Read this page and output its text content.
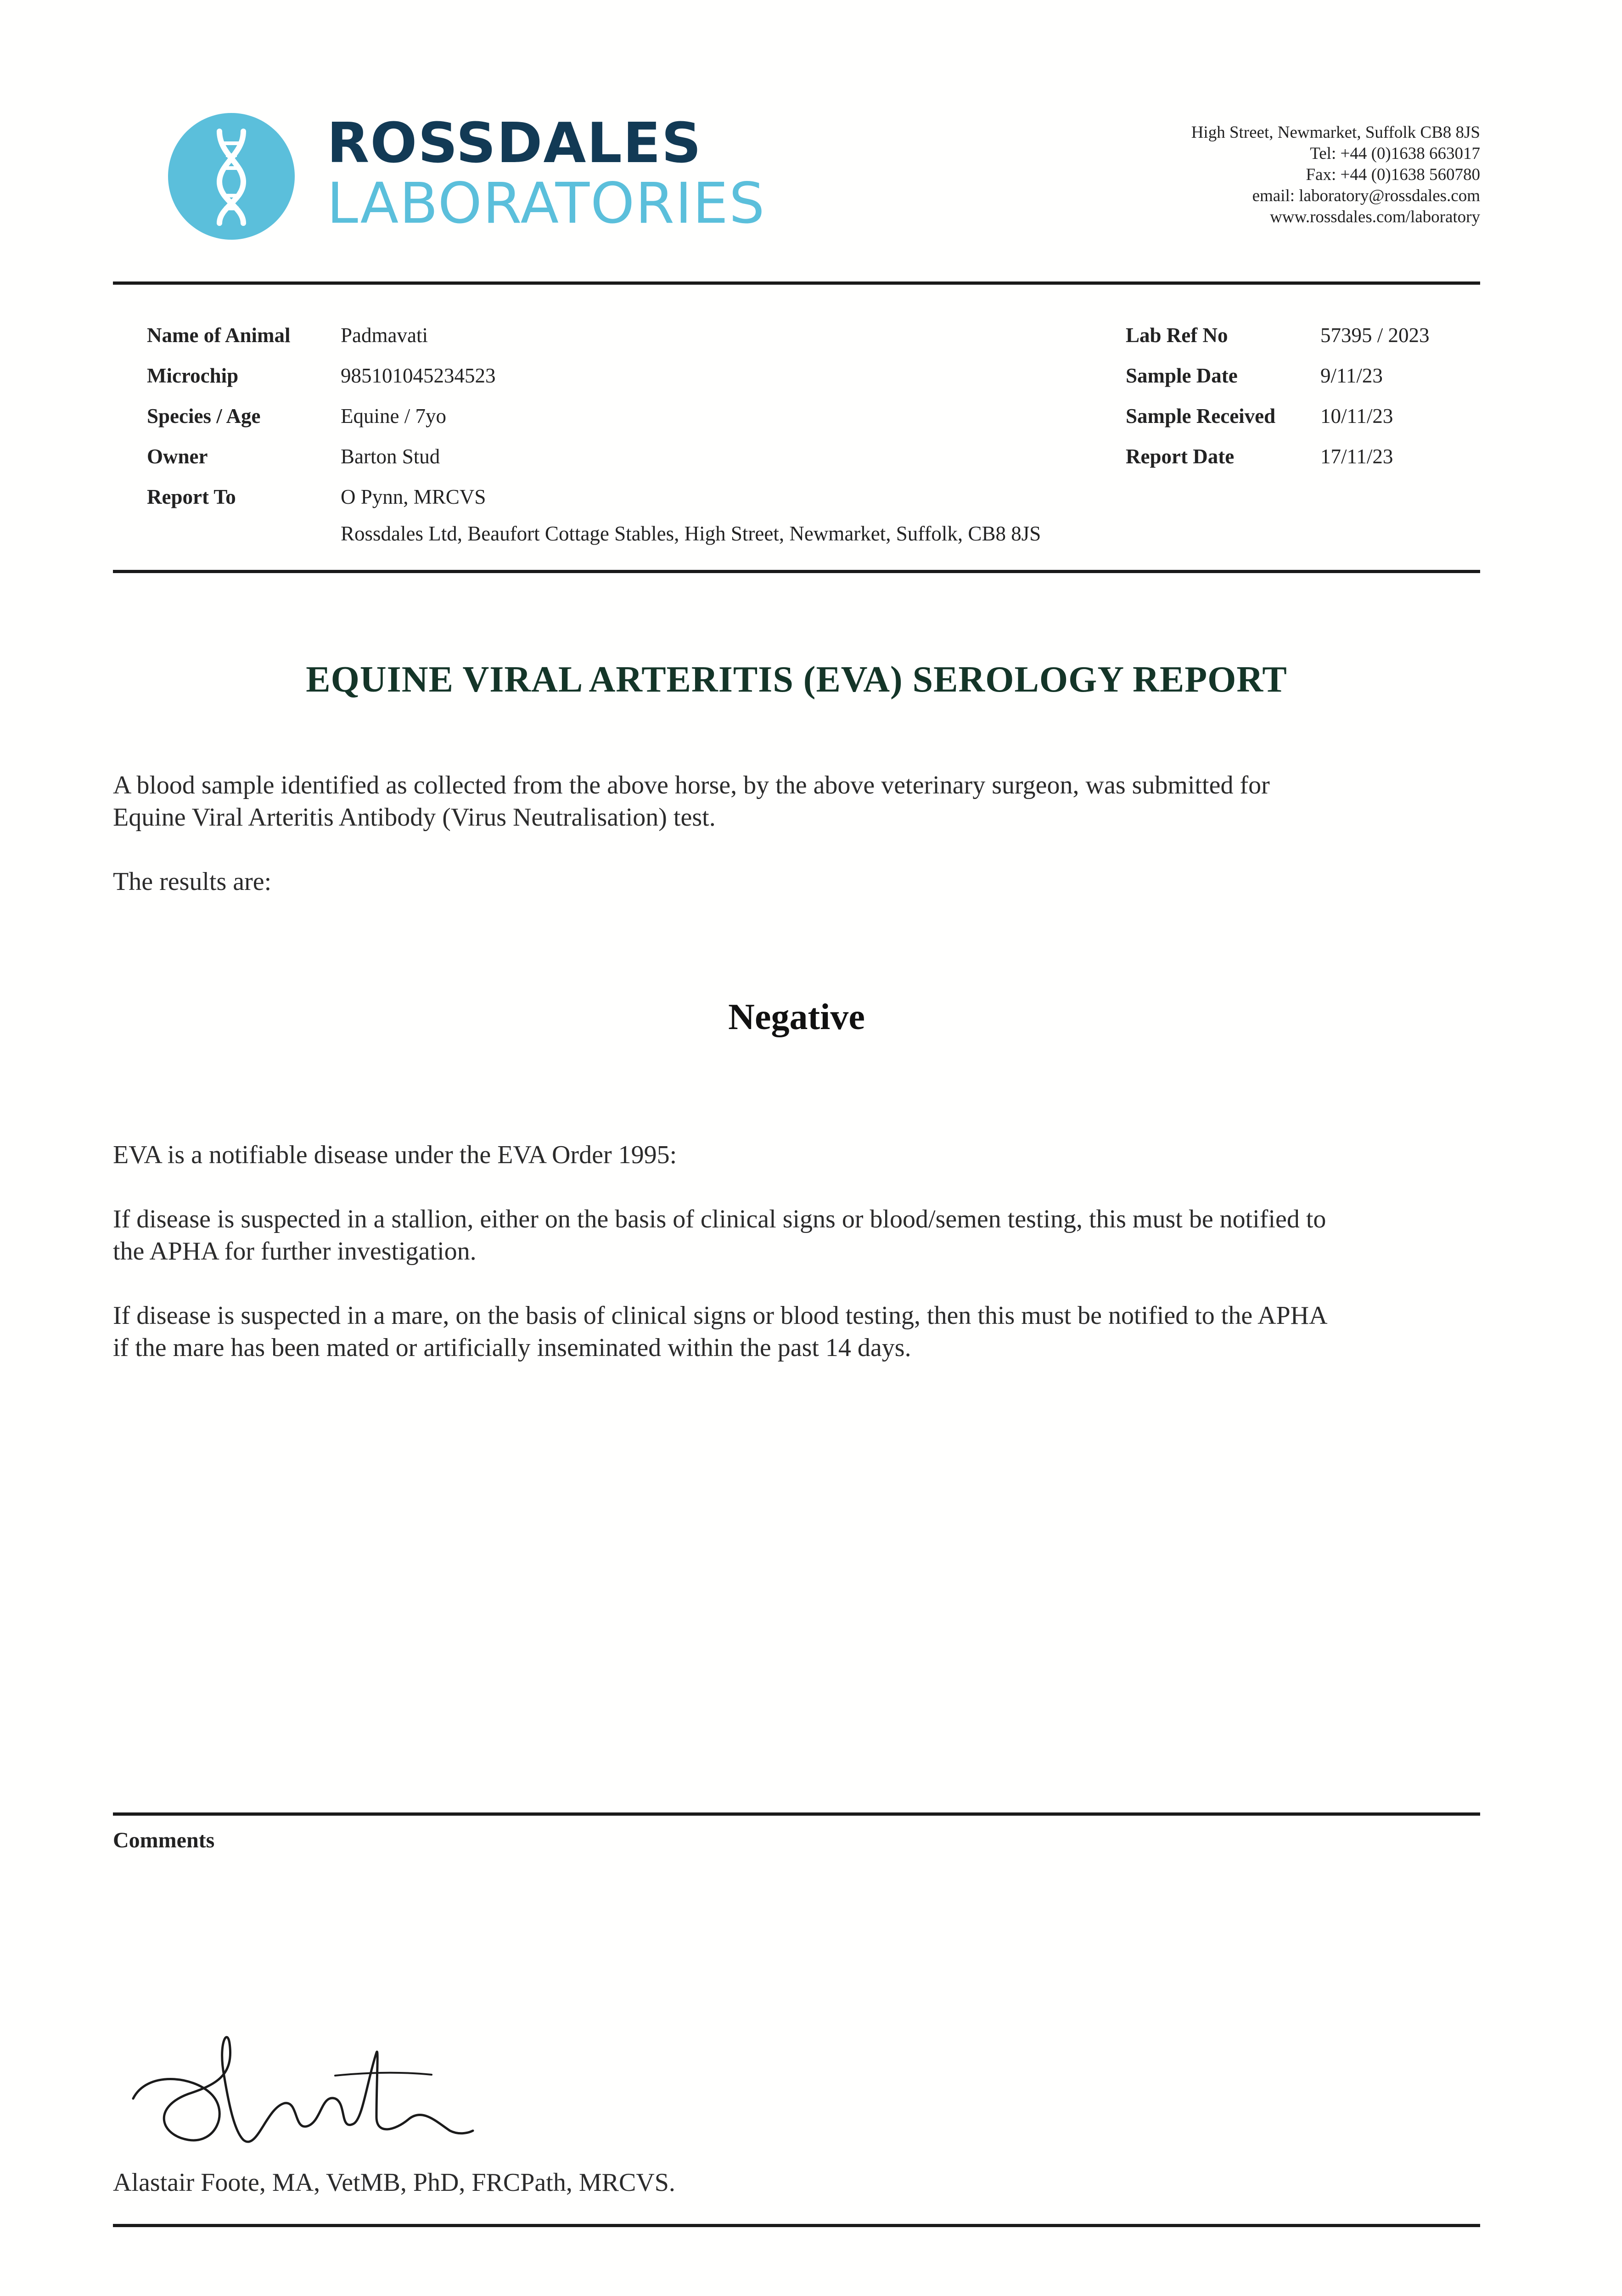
ROSSDALES
LABORATORIES
High Street, Newmarket, Suffolk CB8 8JS
Tel: +44 (0)1638 663017
Fax: +44 (0)1638 560780
email: laboratory@rossdales.com
www.rossdales.com/laboratory
Name of Animal Padmavati
Microchip	985101045234523
Species / Age	Equine / 7yo
Owner	Barton Stud
Report To	O Pynn, MRCVS
Rossdales Ltd, Beaufort Cottage Stables, High Street, Newmarket, Suffolk, CB8 8JS
Lab Ref No	57395 / 2023
Sample Date	9/11/23
Sample Received 10/11/23
Report Date	17/11/23
EQUINE VIRAL ARTERITIS (EVA) SEROLOGY REPORT
A blood sample identified as collected from the above horse, by the above veterinary surgeon, was submitted for
Equine Viral Arteritis Antibody (Virus Neutralisation) test.
The results are:
Negative
EVA is a notifiable disease under the EVA Order 1995:
If disease is suspected in a stallion, either on the basis of clinical signs or blood/semen testing, this must be notified to
the APHA for further investigation.
If disease is suspected in a mare, on the basis of clinical signs or blood testing, then this must be notified to the APHA
if the mare has been mated or artificially inseminated within the past 14 days.
Comments
Alastair Foote, MA, VetMB, PhD, FRCPath, MRCVS.
